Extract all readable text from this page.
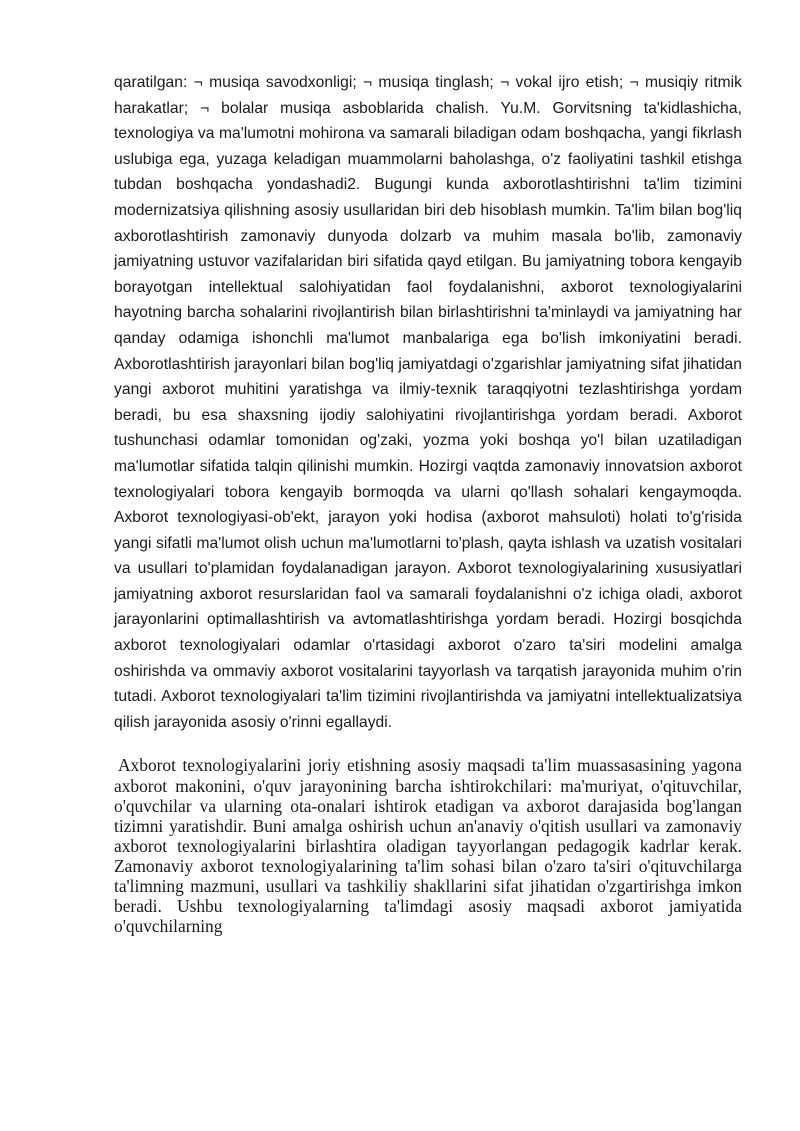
qaratilgan: ¬ musiqa savodxonligi; ¬ musiqa tinglash; ¬ vokal ijro etish; ¬ musiqiy ritmik harakatlar; ¬ bolalar musiqa asboblarida chalish. Yu.M. Gorvitsning ta'kidlashicha, texnologiya va ma'lumotni mohirona va samarali biladigan odam boshqacha, yangi fikrlash uslubiga ega, yuzaga keladigan muammolarni baholashga, o'z faoliyatini tashkil etishga tubdan boshqacha yondashadi2. Bugungi kunda axborotlashtirishni ta'lim tizimini modernizatsiya qilishning asosiy usullaridan biri deb hisoblash mumkin. Ta'lim bilan bog'liq axborotlashtirish zamonaviy dunyoda dolzarb va muhim masala bo'lib, zamonaviy jamiyatning ustuvor vazifalaridan biri sifatida qayd etilgan. Bu jamiyatning tobora kengayib borayotgan intellektual salohiyatidan faol foydalanishni, axborot texnologiyalarini hayotning barcha sohalarini rivojlantirish bilan birlashtirishni ta'minlaydi va jamiyatning har qanday odamiga ishonchli ma'lumot manbalariga ega bo'lish imkoniyatini beradi. Axborotlashtirish jarayonlari bilan bog'liq jamiyatdagi o'zgarishlar jamiyatning sifat jihatidan yangi axborot muhitini yaratishga va ilmiy-texnik taraqqiyotni tezlashtirishga yordam beradi, bu esa shaxsning ijodiy salohiyatini rivojlantirishga yordam beradi. Axborot tushunchasi odamlar tomonidan og'zaki, yozma yoki boshqa yo'l bilan uzatiladigan ma'lumotlar sifatida talqin qilinishi mumkin. Hozirgi vaqtda zamonaviy innovatsion axborot texnologiyalari tobora kengayib bormoqda va ularni qo'llash sohalari kengaymoqda. Axborot texnologiyasi-ob'ekt, jarayon yoki hodisa (axborot mahsuloti) holati to'g'risida yangi sifatli ma'lumot olish uchun ma'lumotlarni to'plash, qayta ishlash va uzatish vositalari va usullari to'plamidan foydalanadigan jarayon. Axborot texnologiyalarining xususiyatlari jamiyatning axborot resurslaridan faol va samarali foydalanishni o'z ichiga oladi, axborot jarayonlarini optimallashtirish va avtomatlashtirishga yordam beradi. Hozirgi bosqichda axborot texnologiyalari odamlar o'rtasidagi axborot o'zaro ta'siri modelini amalga oshirishda va ommaviy axborot vositalarini tayyorlash va tarqatish jarayonida muhim o'rin tutadi. Axborot texnologiyalari ta'lim tizimini rivojlantirishda va jamiyatni intellektualizatsiya qilish jarayonida asosiy o'rinni egallaydi.

Axborot texnologiyalarini joriy etishning asosiy maqsadi ta'lim muassasasining yagona axborot makonini, o'quv jarayonining barcha ishtirokchilari: ma'muriyat, o'qituvchilar, o'quvchilar va ularning ota-onalari ishtirok etadigan va axborot darajasida bog'langan tizimni yaratishdir. Buni amalga oshirish uchun an'anaviy o'qitish usullari va zamonaviy axborot texnologiyalarini birlashtira oladigan tayyorlangan pedagogik kadrlar kerak. Zamonaviy axborot texnologiyalarining ta'lim sohasi bilan o'zaro ta'siri o'qituvchilarga ta'limning mazmuni, usullari va tashkiliy shakllarini sifat jihatidan o'zgartirishga imkon beradi. Ushbu texnologiyalarning ta'limdagi asosiy maqsadi axborot jamiyatida o'quvchilarning
